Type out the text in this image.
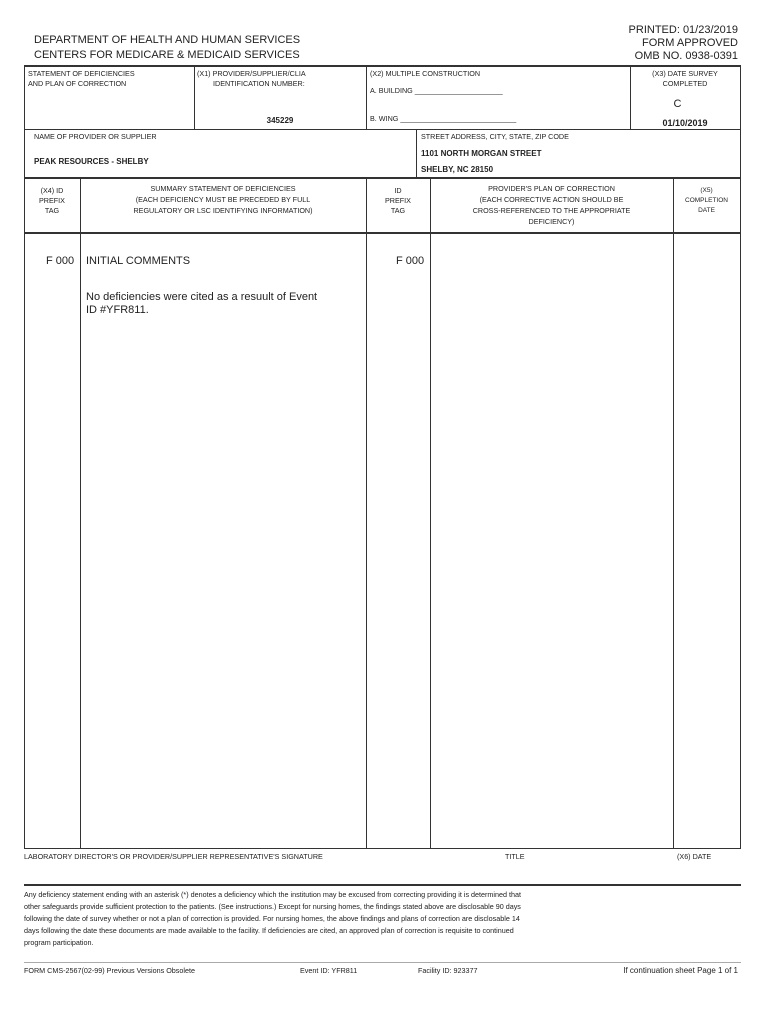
DEPARTMENT OF HEALTH AND HUMAN SERVICES
CENTERS FOR MEDICARE & MEDICAID SERVICES
PRINTED: 01/23/2019
FORM APPROVED
OMB NO. 0938-0391
STATEMENT OF DEFICIENCIES
AND PLAN OF CORRECTION
(X1) PROVIDER/SUPPLIER/CLIA
IDENTIFICATION NUMBER:
345229
(X2) MULTIPLE CONSTRUCTION
A. BUILDING ______________________
B. WING _____________________________
(X3) DATE SURVEY
COMPLETED
C
01/10/2019
NAME OF PROVIDER OR SUPPLIER
PEAK RESOURCES - SHELBY
STREET ADDRESS, CITY, STATE, ZIP CODE
1101 NORTH MORGAN STREET
SHELBY, NC 28150
(X4) ID
PREFIX
TAG
SUMMARY STATEMENT OF DEFICIENCIES
(EACH DEFICIENCY MUST BE PRECEDED BY FULL
REGULATORY OR LSC IDENTIFYING INFORMATION)
ID
PREFIX
TAG
PROVIDER'S PLAN OF CORRECTION
(EACH CORRECTIVE ACTION SHOULD BE
CROSS-REFERENCED TO THE APPROPRIATE
DEFICIENCY)
(X5)
COMPLETION
DATE
F 000 INITIAL COMMENTS
No deficiencies were cited as a resuult of Event
ID #YFR811.
F 000
LABORATORY DIRECTOR'S OR PROVIDER/SUPPLIER REPRESENTATIVE'S SIGNATURE	TITLE	(X6) DATE
Any deficiency statement ending with an asterisk (*) denotes a deficiency which the institution may be excused from correcting providing it is determined that
other safeguards provide sufficient protection to the patients. (See instructions.) Except for nursing homes, the findings stated above are disclosable 90 days
following the date of survey whether or not a plan of correction is provided. For nursing homes, the above findings and plans of correction are disclosable 14
days following the date these documents are made available to the facility. If deficiencies are cited, an approved plan of correction is requisite to continued
program participation.
FORM CMS-2567(02-99) Previous Versions Obsolete	Event ID: YFR811	Facility ID: 923377	If continuation sheet Page 1 of 1
